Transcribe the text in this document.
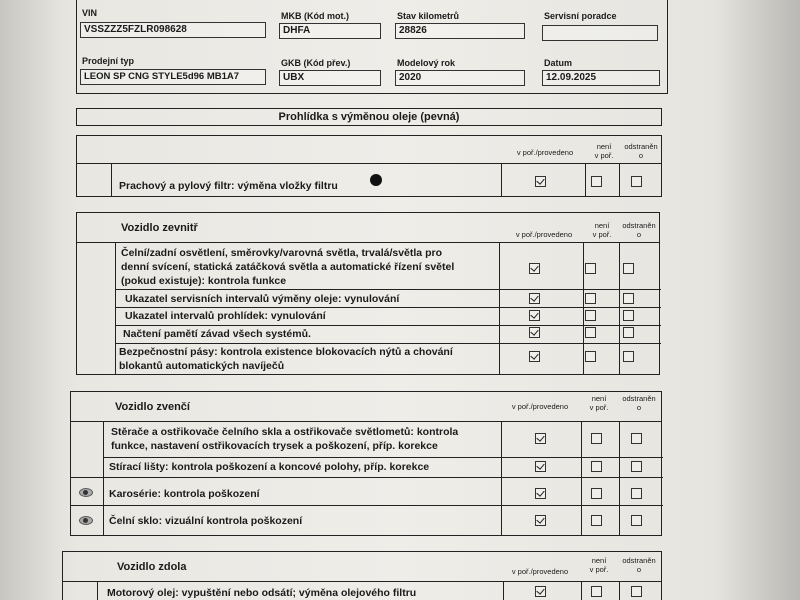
VIN
VSSZZZ5FZLR098628
MKB (Kód mot.)
DHFA
Stav kilometrů
28826
Servisní poradce
Prodejní typ
LEON SP CNG STYLE5d96 MB1A7
GKB (Kód přev.)
UBX
Modelový rok
2020
Datum
12.09.2025
Prohlídka s výměnou oleje (pevná)
v poř./provedeno
není
v poř.
odstraněn
o
Prachový a pylový filtr: výměna vložky filtru
Vozidlo zevnitř
v poř./provedeno
není
v poř.
odstraněn
o
Čelní/zadní osvětlení, směrovky/varovná světla, trvalá/světla pro
denní svícení, statická zatáčková světla a automatické řízení světel
(pokud existuje): kontrola funkce
Ukazatel servisních intervalů výměny oleje: vynulování
Ukazatel intervalů prohlídek: vynulování
Načtení pamětí závad všech systémů.
Bezpečnostní pásy: kontrola existence blokovacích nýtů a chování
blokantů automatických navíječů
Vozidlo zvenčí	v poř./provedeno
není
v poř.
odstraněn
o
Stěrače a ostřikovače čelního skla a ostřikovače světlometů: kontrola
funkce, nastavení ostřikovacích trysek a poškození, příp. korekce
Stírací lišty: kontrola poškození a koncové polohy, příp. korekce
Karosérie: kontrola poškození
Čelní sklo: vizuální kontrola poškození
Vozidlo zdola	v poř./provedeno
není
v poř.
odstraněn
o
Motorový olej: vypuštění nebo odsátí; výměna olejového filtru
